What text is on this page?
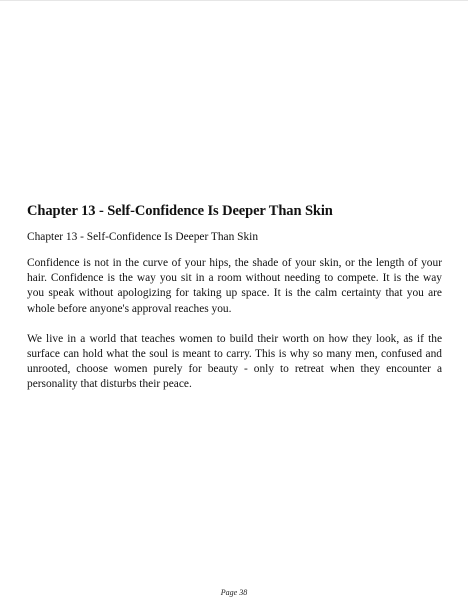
Chapter 13 - Self-Confidence Is Deeper Than Skin

Chapter 13 - Self-Confidence Is Deeper Than Skin

Confidence is not in the curve of your hips, the shade of your skin, or the length of your hair. Confidence is the way you sit in a room without needing to compete. It is the way you speak without apologizing for taking up space. It is the calm certainty that you are whole before anyone's approval reaches you.

We live in a world that teaches women to build their worth on how they look, as if the surface can hold what the soul is meant to carry. This is why so many men, confused and unrooted, choose women purely for beauty - only to retreat when they encounter a personality that disturbs their peace.

Page 38
